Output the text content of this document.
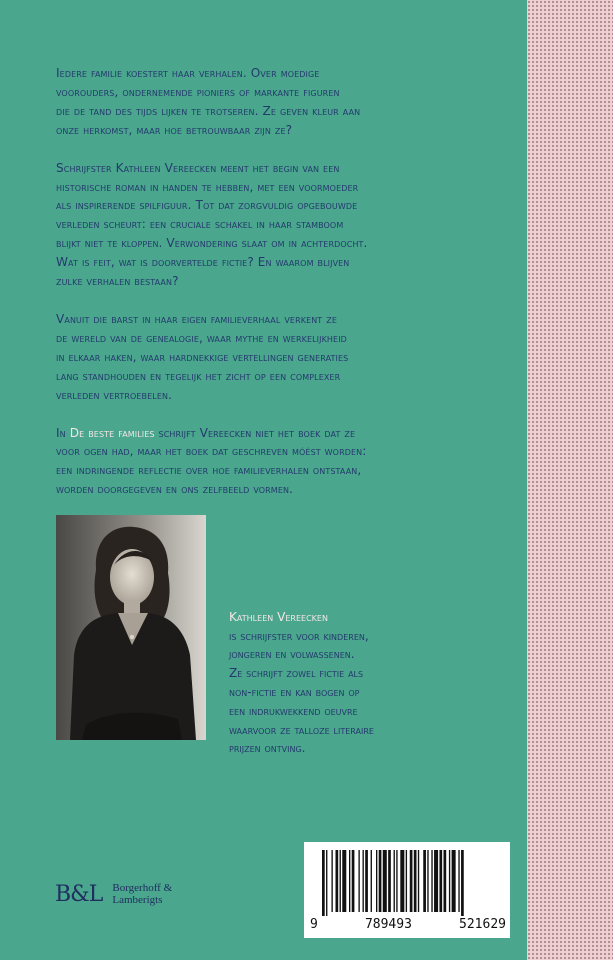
Iedere familie koestert haar verhalen. Over moedige
voorouders, ondernemende pioniers of markante figuren
die de tand des tijds lijken te trotseren. Ze geven kleur aan
onze herkomst, maar hoe betrouwbaar zijn ze?

Schrijfster Kathleen Vereecken meent het begin van een
historische roman in handen te hebben, met een voormoeder
als inspirerende spilfiguur. Tot dat zorgvuldig opgebouwde
verleden scheurt: een cruciale schakel in haar stamboom
blijkt niet te kloppen. Verwondering slaat om in achterdocht.
Wat is feit, wat is doorvertelde fictie? En waarom blijven
zulke verhalen bestaan?

Vanuit die barst in haar eigen familieverhaal verkent ze
de wereld van de genealogie, waar mythe en werkelijkheid
in elkaar haken, waar hardnekkige vertellingen generaties
lang standhouden en tegelijk het zicht op een complexer
verleden vertroebelen.

In De beste families schrijft Vereecken niet het boek dat ze
voor ogen had, maar het boek dat geschreven móést worden:
een indringende reflectie over hoe familieverhalen ontstaan,
worden doorgegeven en ons zelfbeeld vormen.

Kathleen Vereecken
is schrijfster voor kinderen,
jongeren en volwassenen.
Ze schrijft zowel fictie als
non-fictie en kan bogen op
een indrukwekkend oeuvre
waarvoor ze talloze literaire
prijzen ontving.

B&L Borgerhoff &
Lamberigts
9	789493	521629
